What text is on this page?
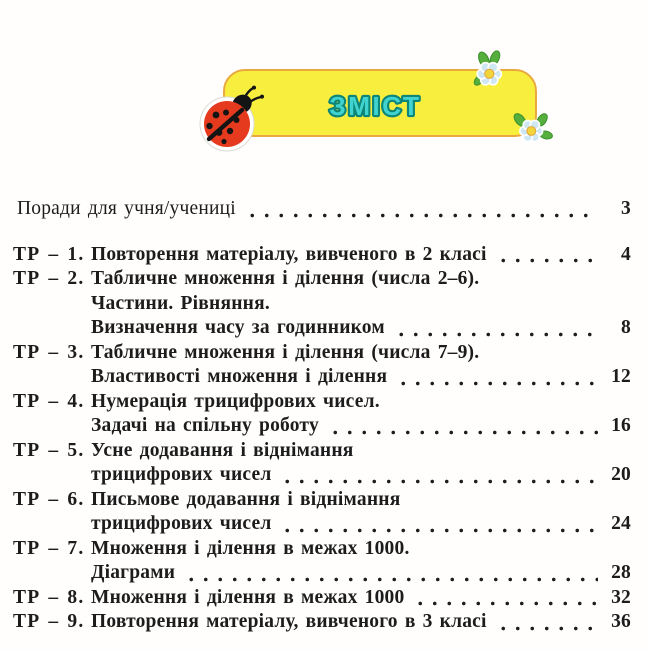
ЗМІСТ
Поради для учня/учениці	3
ТР – 1. Повторення матеріалу, вивченого в 2 класі	4
ТР – 2. Табличне множення і ділення (числа 2–6).
Частини. Рівняння.
Визначення часу за годинником	8
ТР – 3. Табличне множення і ділення (числа 7–9).
Властивості множення і ділення	12
ТР – 4. Нумерація трицифрових чисел.
Задачі на спільну роботу	16
ТР – 5. Усне додавання і віднімання
трицифрових чисел	20
ТР – 6. Письмове додавання і віднімання
трицифрових чисел	24
ТР – 7. Множення і ділення в межах 1000.
Діаграми	28
ТР – 8. Множення і ділення в межах 1000	32
ТР – 9. Повторення матеріалу, вивченого в 3 класі	36
